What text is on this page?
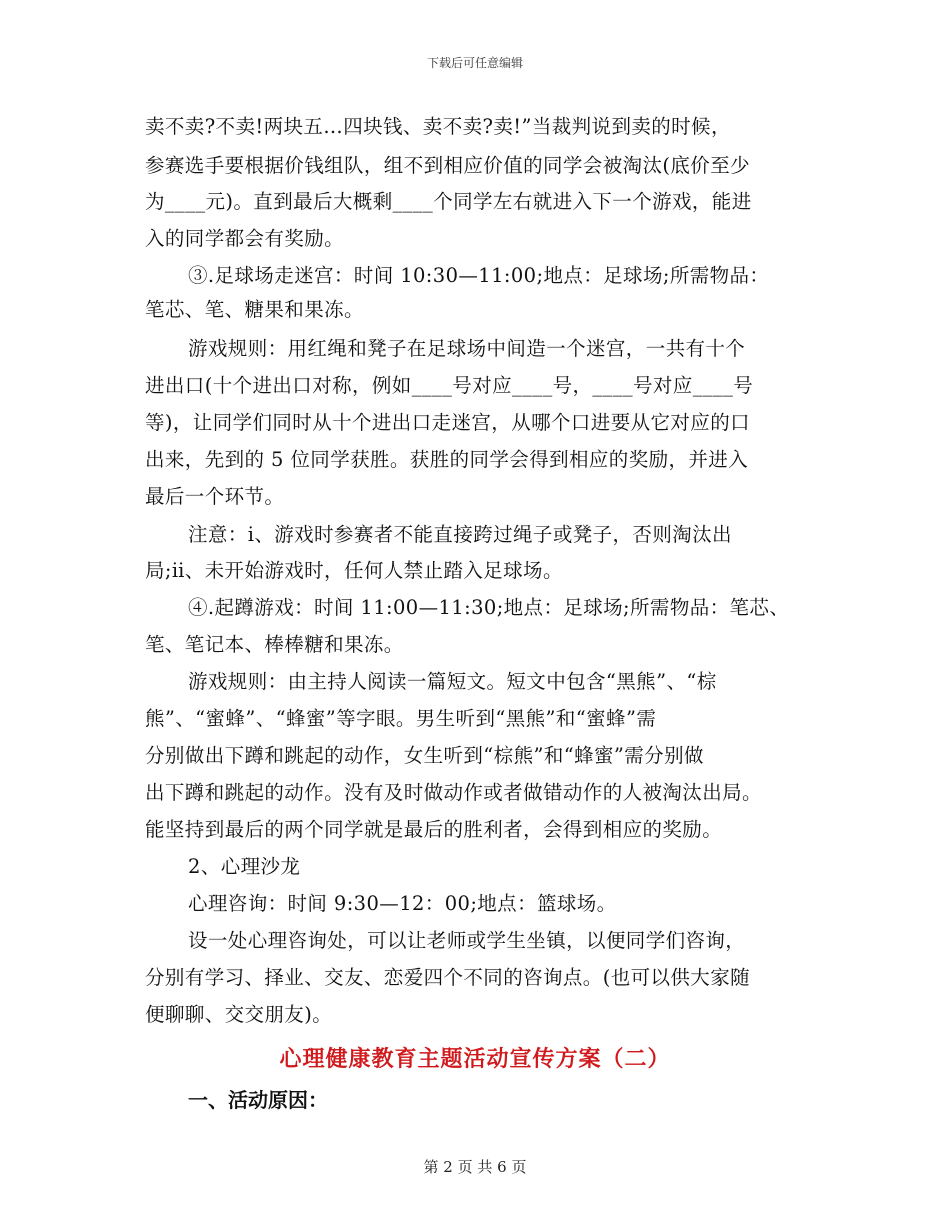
下载后可任意编辑
卖不卖?不卖!两块五…四块钱、卖不卖?卖!”当裁判说到卖的时候，
参赛选手要根据价钱组队，组不到相应价值的同学会被淘汰(底价至少
为____元)。直到最后大概剩____个同学左右就进入下一个游戏，能进
入的同学都会有奖励。
③.足球场走迷宫：时间 10:30—11:00;地点：足球场;所需物品：
笔芯、笔、糖果和果冻。
游戏规则：用红绳和凳子在足球场中间造一个迷宫，一共有十个
进出口(十个进出口对称，例如____号对应____号，____号对应____号
等)，让同学们同时从十个进出口走迷宫，从哪个口进要从它对应的口
出来，先到的 5 位同学获胜。获胜的同学会得到相应的奖励，并进入
最后一个环节。
注意：ⅰ、游戏时参赛者不能直接跨过绳子或凳子，否则淘汰出
局;ⅱ、未开始游戏时，任何人禁止踏入足球场。
④.起蹲游戏：时间 11:00—11:30;地点：足球场;所需物品：笔芯、
笔、笔记本、棒棒糖和果冻。
游戏规则：由主持人阅读一篇短文。短文中包含“黑熊”、“棕
熊”、“蜜蜂”、“蜂蜜”等字眼。男生听到“黑熊”和“蜜蜂”需
分别做出下蹲和跳起的动作，女生听到“棕熊”和“蜂蜜”需分别做
出下蹲和跳起的动作。没有及时做动作或者做错动作的人被淘汰出局。
能坚持到最后的两个同学就是最后的胜利者，会得到相应的奖励。
2、心理沙龙
心理咨询：时间 9:30—12：00;地点：篮球场。
设一处心理咨询处，可以让老师或学生坐镇，以便同学们咨询，
分别有学习、择业、交友、恋爱四个不同的咨询点。(也可以供大家随
便聊聊、交交朋友)。
心理健康教育主题活动宣传方案（二）
一、活动原因：
第 2 页 共 6 页
